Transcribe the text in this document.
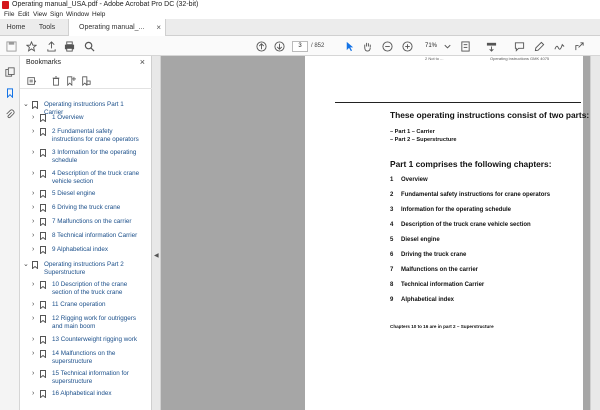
Operating manual_USA.pdf - Adobe Acrobat Pro DC (32-bit)
File Edit View Sign Window Help
Home	Tools	Operating manual_... ×
3	/ 852	71%
Bookmarks	×
⌄ Operating instructions Part 1 Carrier
›	1 Overview
›	2 Fundamental safety instructions for crane operators
›	3 Information for the operating schedule
›	4 Description of the truck crane vehicle section
›	5 Diesel engine
›	6 Driving the truck crane
›	7 Malfunctions on the carrier
›	8 Technical information Carrier
›	9 Alphabetical index
⌄ Operating instructions Part 2 Superstructure
›	10 Description of the crane section of the truck crane
›	11 Crane operation
›	12 Rigging work for outriggers and main boom
›	13 Counterweight rigging work
›	14 Malfunctions on the superstructure
›	15 Technical information for superstructure
›	16 Alphabetical index
◀
2 Not to ...	Operating instructions GMK 4075
These operating instructions consist of two parts:
– Part 1 – Carrier
– Part 2 – Superstructure
Part 1 comprises the following chapters:
1 Overview
2 Fundamental safety instructions for crane operators
3 Information for the operating schedule
4 Description of the truck crane vehicle section
5 Diesel engine
6 Driving the truck crane
7 Malfunctions on the carrier
8 Technical information Carrier
9 Alphabetical index
Chapters 10 to 16 are in part 2 – Superstructure
